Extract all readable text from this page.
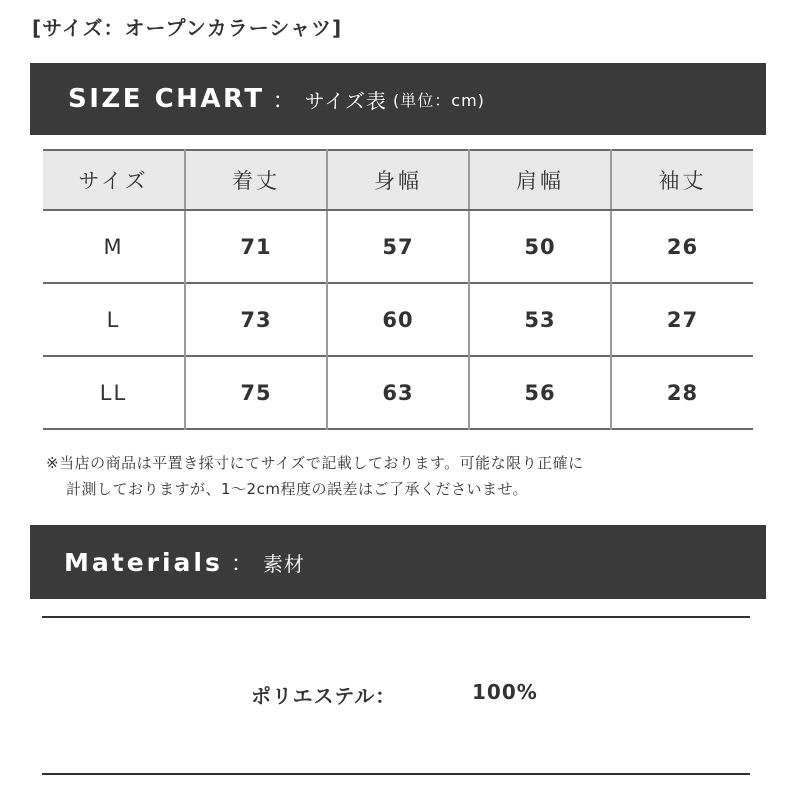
[サイズ：オープンカラーシャツ]
SIZE CHART ： サイズ表 (単位：cm)
サイズ	着丈	身幅	肩幅	袖丈
M	71	57	50	26
L	73	60	53	27
LL	75	63	56	28
※当店の商品は平置き採寸にてサイズで記載しております。可能な限り正確に
計測しておりますが、1〜2cm程度の誤差はご了承くださいませ。
Materials ： 素材
ポリエステル：	100%
